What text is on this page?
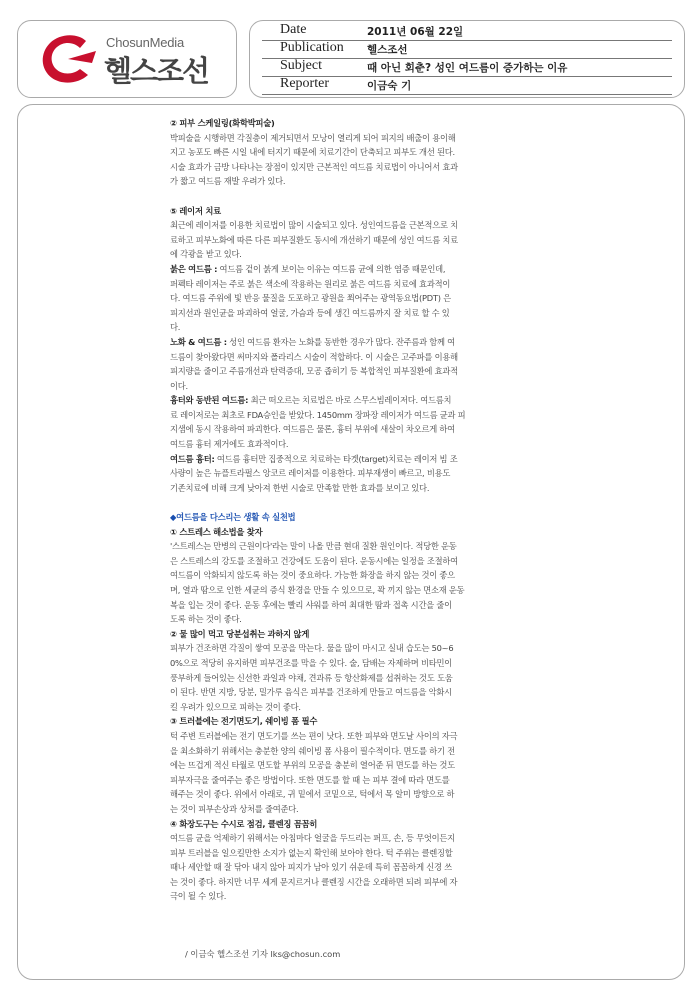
ChosunMedia
헬스조선
Date	2011년 06월 22일
Publication 헬스조선
Subject	때 아닌 회춘? 성인 여드름이 증가하는 이유
Reporter	이금숙 기

② 피부 스케일링(화학박피술)

박피술을 시행하면 각질층이 제거되면서 모낭이 열리게 되어 피지의 배출이 용이해

지고 농포도 빠른 시일 내에 터지기 때문에 치료기간이 단축되고 피부도 개선 된다.

시술 효과가 금방 나타나는 장점이 있지만 근본적인 여드름 치료법이 아니어서 효과

가 짧고 여드름 재발 우려가 있다.

⑤ 레이저 치료

최근에 레이저를 이용한 치료법이 많이 시술되고 있다. 성인여드름을 근본적으로 치

료하고 피부노화에 따른 다른 피부질환도 동시에 개선하기 때문에 성인 여드름 치료

에 각광을 받고 있다.

붉은 여드름 : 여드름 겉이 붉게 보이는 이유는 여드름 균에 의한 염증 때문인데,

퍼펙타 레이저는 주로 붉은 색소에 작용하는 원리로 붉은 여드름 치료에 효과적이

다. 여드름 주위에 빛 반응 물질을 도포하고 광원을 쬐어주는 광역동요법(PDT) 은

피지선과 원인균을 파괴하여 얼굴, 가슴과 등에 생긴 여드름까지 잘 치료 할 수 있

다.

노화 & 여드름 : 성인 여드름 환자는 노화를 동반한 경우가 많다. 잔주름과 함께 여

드름이 찾아왔다면 써마지와 폴라리스 시술이 적합하다. 이 시술은 고주파를 이용해

피지량을 줄이고 주름개선과 탄력증대, 모공 좁히기 등 복합적인 피부질환에 효과적

이다.

흉터와 동반된 여드름: 최근 떠오르는 치료법은 바로 스무스빔레이저다. 여드름치

료 레이저로는 최초로 FDA승인을 받았다. 1450mm 장파장 레이저가 여드름 균과 피

지샘에 동시 작용하여 파괴한다. 여드름은 물론, 흉터 부위에 새살이 차오르게 하여

여드름 흉터 제거에도 효과적이다.

여드름 흉터: 여드름 흉터만 집중적으로 치료하는 타겟(target)치료는 레이저 빔 조

사량이 높은 뉴플트라펄스 앙코르 레이저를 이용한다. 피부재생이 빠르고, 비용도

기존치료에 비해 크게 낮아져 한번 시술로 만족할 만한 효과를 보이고 있다.

◆여드름을 다스리는 생활 속 실천법

① 스트레스 해소법을 찾자

'스트레스는 만병의 근원이다'라는 말이 나올 만큼 현대 질환 원인이다. 적당한 운동

은 스트레스의 강도를 조절하고 건강에도 도움이 된다. 운동시에는 일정을 조절하여

여드름이 악화되지 않도록 하는 것이 중요하다. 가능한 화장을 하지 않는 것이 좋으

며, 열과 땀으로 인한 세균의 증식 환경을 만들 수 있으므로, 꽉 끼지 않는 면소재 운동

복을 입는 것이 좋다. 운동 후에는 빨리 샤워를 하여 최대한 땀과 접촉 시간을 줄이

도록 하는 것이 좋다.

② 물 많이 먹고 당분섭취는 과하지 않게

피부가 건조하면 각질이 쌓여 모공을 막는다. 물을 많이 마시고 실내 습도는 50~6

0%으로 적당히 유지하면 피부건조를 막을 수 있다. 술, 담배는 자제하며 비타민이

풍부하게 들어있는 신선한 과일과 야채, 견과류 등 항산화제를 섭취하는 것도 도움

이 된다. 반면 지방, 당분, 밀가루 음식은 피부를 건조하게 만들고 여드름을 악화시

킬 우려가 있으므로 피하는 것이 좋다.

③ 트러블에는 전기면도기, 쉐이빙 폼 필수

턱 주변 트러블에는 전기 면도기를 쓰는 편이 낫다. 또한 피부와 면도날 사이의 자극

을 최소화하기 위해서는 충분한 양의 쉐이빙 폼 사용이 필수적이다. 면도를 하기 전

에는 뜨겁게 적신 타월로 면도할 부위의 모공을 충분히 열어준 뒤 면도를 하는 것도

피부자극을 줄여주는 좋은 방법이다. 또한 면도를 할 때 는 피부 결에 따라 면도를

해주는 것이 좋다. 위에서 아래로, 귀 밑에서 코밑으로, 턱에서 목 알미 방향으로 하

는 것이 피부손상과 상처를 줄여준다.

④ 화장도구는 수시로 점검, 클렌징 꼼꼼히

여드름 균을 억제하기 위해서는 아침마다 얼굴을 두드리는 퍼프, 손, 등 무엇이든지

피부 트러블을 일으킬만한 소지가 없는지 확인해 보아야 한다. 턱 주위는 클렌징할

때나 세안할 때 잘 닦아 내지 않아 피지가 남아 있기 쉬운데 특히 꼼꼼하게 신경 쓰

는 것이 좋다. 하지만 너무 세게 문지르거나 클렌징 시간을 오래하면 되려 피부에 자

극이 될 수 있다.

/ 이금숙 헬스조선 기자 lks@chosun.com
